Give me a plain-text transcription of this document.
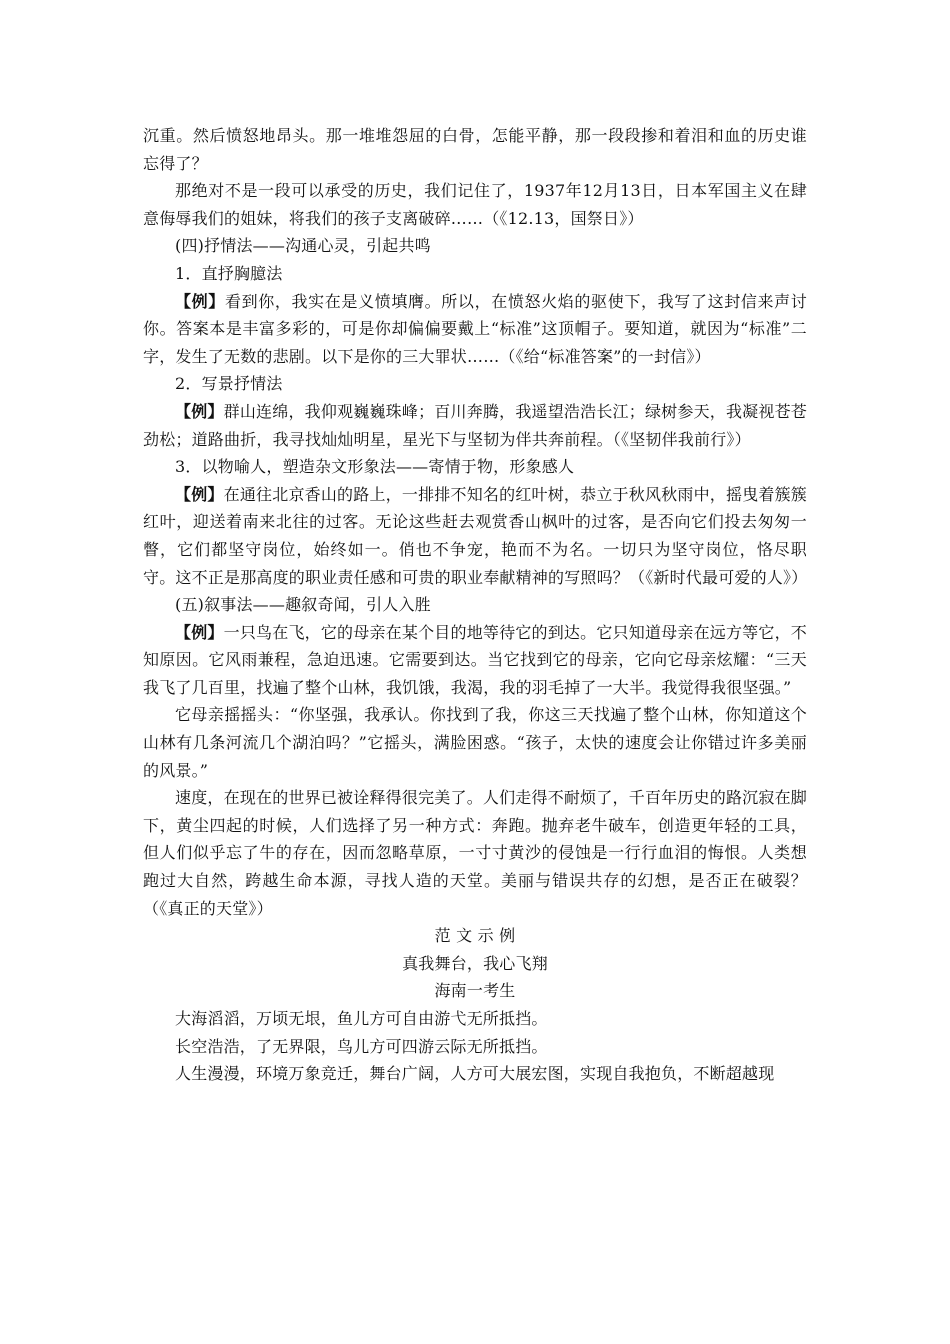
沉重。然后愤怒地昂头。那一堆堆怨屈的白骨，怎能平静，那一段段掺和着泪和血的历史谁忘得了？

那绝对不是一段可以承受的历史，我们记住了，1937年12月13日，日本军国主义在肆意侮辱我们的姐妹，将我们的孩子支离破碎……（《12.13，国祭日》）

(四)抒情法——沟通心灵，引起共鸣

1．直抒胸臆法

【例】看到你，我实在是义愤填膺。所以，在愤怒火焰的驱使下，我写了这封信来声讨你。答案本是丰富多彩的，可是你却偏偏要戴上“标准”这顶帽子。要知道，就因为“标准”二字，发生了无数的悲剧。以下是你的三大罪状……（《给“标准答案”的一封信》）

2．写景抒情法

【例】群山连绵，我仰观巍巍珠峰；百川奔腾，我遥望浩浩长江；绿树参天，我凝视苍苍劲松；道路曲折，我寻找灿灿明星，星光下与坚韧为伴共奔前程。（《坚韧伴我前行》）

3．以物喻人，塑造杂文形象法——寄情于物，形象感人

【例】在通往北京香山的路上，一排排不知名的红叶树，恭立于秋风秋雨中，摇曳着簇簇红叶，迎送着南来北往的过客。无论这些赶去观赏香山枫叶的过客，是否向它们投去匆匆一瞥，它们都坚守岗位，始终如一。俏也不争宠，艳而不为名。一切只为坚守岗位，恪尽职守。这不正是那高度的职业责任感和可贵的职业奉献精神的写照吗？（《新时代最可爱的人》）

(五)叙事法——趣叙奇闻，引人入胜

【例】一只鸟在飞，它的母亲在某个目的地等待它的到达。它只知道母亲在远方等它，不知原因。它风雨兼程，急迫迅速。它需要到达。当它找到它的母亲，它向它母亲炫耀：“三天我飞了几百里，找遍了整个山林，我饥饿，我渴，我的羽毛掉了一大半。我觉得我很坚强。”

它母亲摇摇头：“你坚强，我承认。你找到了我，你这三天找遍了整个山林，你知道这个山林有几条河流几个湖泊吗？”它摇头，满脸困惑。“孩子，太快的速度会让你错过许多美丽的风景。”

速度，在现在的世界已被诠释得很完美了。人们走得不耐烦了，千百年历史的路沉寂在脚下，黄尘四起的时候，人们选择了另一种方式：奔跑。抛弃老牛破车，创造更年轻的工具，但人们似乎忘了牛的存在，因而忽略草原，一寸寸黄沙的侵蚀是一行行血泪的悔恨。人类想跑过大自然，跨越生命本源，寻找人造的天堂。美丽与错误共存的幻想，是否正在破裂？（《真正的天堂》）

范 文 示 例

真我舞台，我心飞翔

海南一考生

大海滔滔，万顷无垠，鱼儿方可自由游弋无所抵挡。

长空浩浩，了无界限，鸟儿方可四游云际无所抵挡。

人生漫漫，环境万象竞迁，舞台广阔，人方可大展宏图，实现自我抱负，不断超越现
